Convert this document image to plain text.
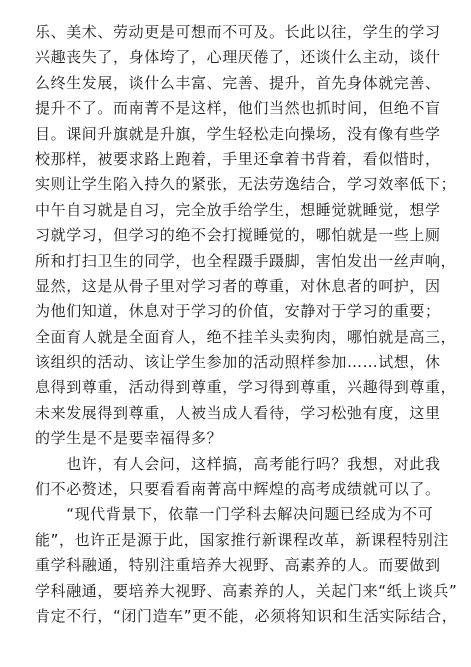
乐、美术、劳动更是可想而不可及。长此以往，学生的学习
兴趣丧失了，身体垮了，心理厌倦了，还谈什么主动，谈什
么终生发展，谈什么丰富、完善、提升，首先身体就完善、
提升不了。而南菁不是这样，他们当然也抓时间，但绝不盲
目。课间升旗就是升旗，学生轻松走向操场，没有像有些学
校那样，被要求路上跑着，手里还拿着书背着，看似惜时，
实则让学生陷入持久的紧张，无法劳逸结合，学习效率低下；
中午自习就是自习，完全放手给学生，想睡觉就睡觉，想学
习就学习，但学习的绝不会打搅睡觉的，哪怕就是一些上厕
所和打扫卫生的同学，也全程蹑手蹑脚，害怕发出一丝声响，
显然，这是从骨子里对学习者的尊重，对休息者的呵护，因
为他们知道，休息对于学习的价值，安静对于学习的重要；
全面育人就是全面育人，绝不挂羊头卖狗肉，哪怕就是高三，
该组织的活动、该让学生参加的活动照样参加……试想，休
息得到尊重，活动得到尊重，学习得到尊重，兴趣得到尊重，
未来发展得到尊重，人被当成人看待，学习松弛有度，这里
的学生是不是要幸福得多？
　　也许，有人会问，这样搞，高考能行吗？我想，对此我
们不必赘述，只要看看南菁高中辉煌的高考成绩就可以了。
　　“现代背景下，依靠一门学科去解决问题已经成为不可
能”，也许正是源于此，国家推行新课程改革，新课程特别注
重学科融通，特别注重培养大视野、高素养的人。而要做到
学科融通，要培养大视野、高素养的人，关起门来“纸上谈兵”
肯定不行，“闭门造车”更不能，必须将知识和生活实际结合，
